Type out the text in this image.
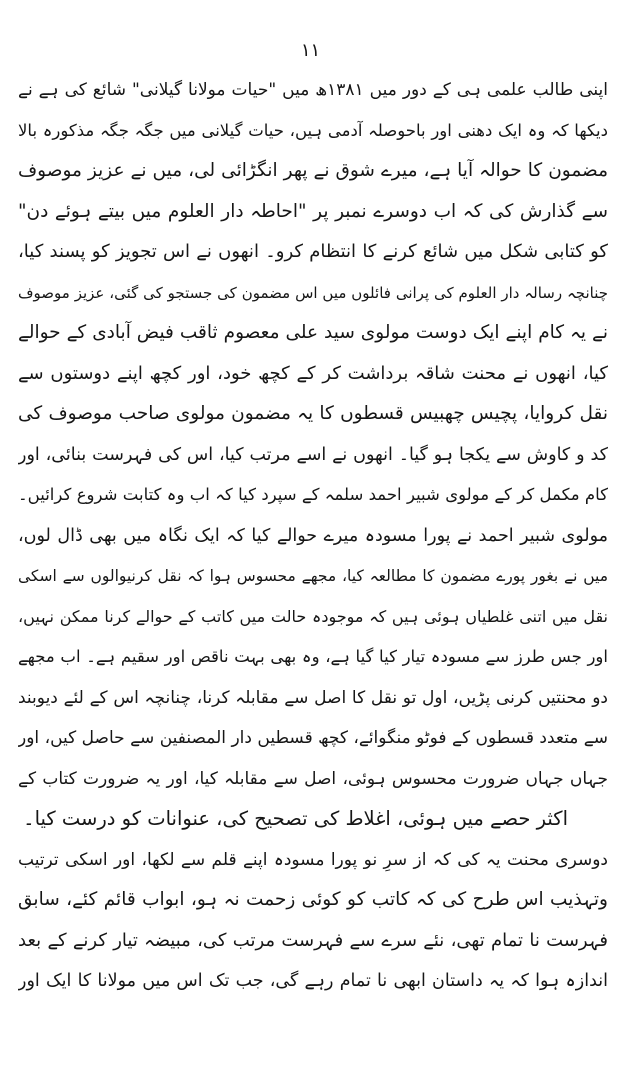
۱۱
اپنی طالب علمی ہی کے دور میں ۱۳۸۱ھ میں "حیات مولانا گیلانی" شائع کی ہے نے
دیکھا کہ وہ ایک دھنی اور باحوصلہ آدمی ہیں، حیات گیلانی میں جگہ جگہ مذکورہ بالا
مضمون کا حوالہ آیا ہے، میرے شوق نے پھر انگڑائی لی، میں نے عزیز موصوف
سے گذارش کی کہ اب دوسرے نمبر پر "احاطہ دار العلوم میں بیتے ہوئے دن"
کو کتابی شکل میں شائع کرنے کا انتظام کرو۔ انھوں نے اس تجویز کو پسند کیا،
چنانچہ رسالہ دار العلوم کی پرانی فائلوں میں اس مضمون کی جستجو کی گئی، عزیز موصوف
نے یہ کام اپنے ایک دوست مولوی سید علی معصوم ثاقب فیض آبادی کے حوالے
کیا، انھوں نے محنت شاقہ برداشت کر کے کچھ خود، اور کچھ اپنے دوستوں سے
نقل کروایا، پچیس چھبیس قسطوں کا یہ مضمون مولوی صاحب موصوف کی
کد و کاوش سے یکجا ہو گیا۔ انھوں نے اسے مرتب کیا، اس کی فہرست بنائی، اور
کام مکمل کر کے مولوی شبیر احمد سلمہ کے سپرد کیا کہ اب وہ کتابت شروع کرائیں۔
مولوی شبیر احمد نے پورا مسودہ میرے حوالے کیا کہ ایک نگاہ میں بھی ڈال لوں،
میں نے بغور پورے مضمون کا مطالعہ کیا، مجھے محسوس ہوا کہ نقل کرنیوالوں سے اسکی
نقل میں اتنی غلطیاں ہوئی ہیں کہ موجودہ حالت میں کاتب کے حوالے کرنا ممکن نہیں،
اور جس طرز سے مسودہ تیار کیا گیا ہے، وہ بھی بہت ناقص اور سقیم ہے۔ اب مجھے
دو محنتیں کرنی پڑیں، اول تو نقل کا اصل سے مقابلہ کرنا، چنانچہ اس کے لئے دیوبند
سے متعدد قسطوں کے فوٹو منگوائے، کچھ قسطیں دار المصنفین سے حاصل کیں، اور
جہاں جہاں ضرورت محسوس ہوئی، اصل سے مقابلہ کیا، اور یہ ضرورت کتاب کے
اکثر حصے میں ہوئی، اغلاط کی تصحیح کی، عنوانات کو درست کیا۔
دوسری محنت یہ کی کہ از سرِ نو پورا مسودہ اپنے قلم سے لکھا، اور اسکی ترتیب
وتہذیب اس طرح کی کہ کاتب کو کوئی زحمت نہ ہو، ابواب قائم کئے، سابق
فہرست نا تمام تھی، نئے سرے سے فہرست مرتب کی، مبیضہ تیار کرنے کے بعد
اندازہ ہوا کہ یہ داستان ابھی نا تمام رہے گی، جب تک اس میں مولانا کا ایک اور
